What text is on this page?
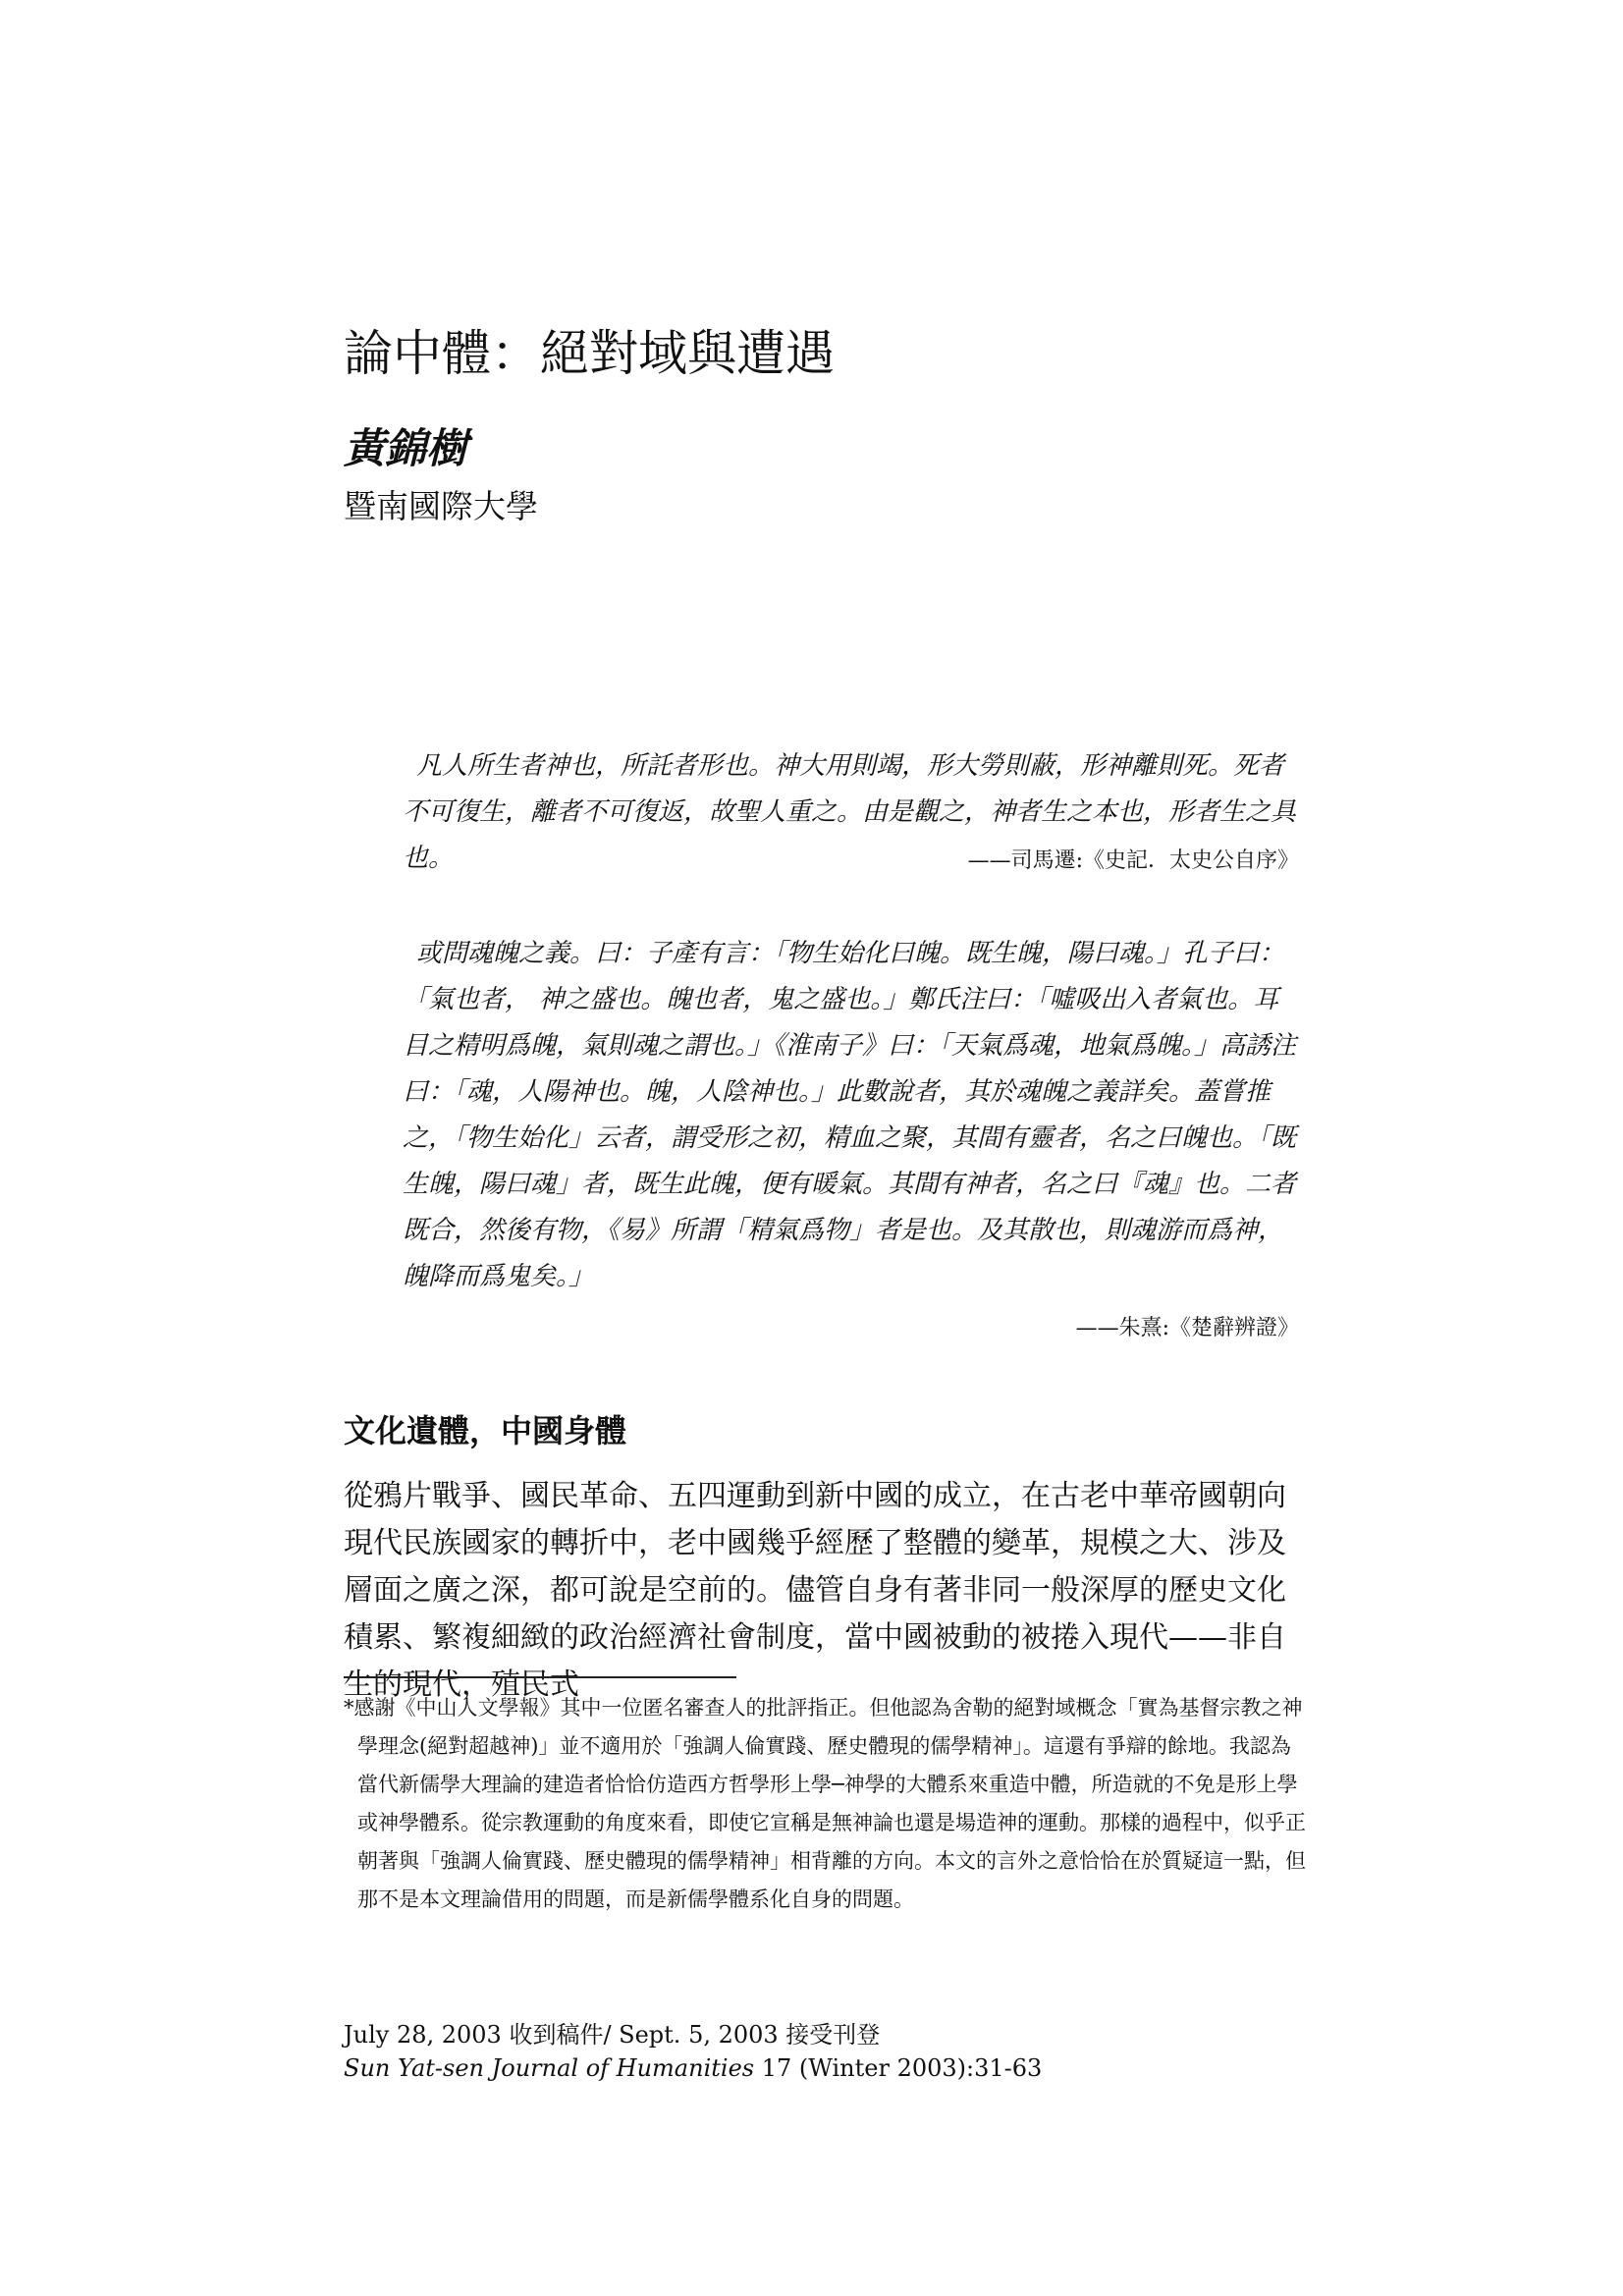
論中體：絕對域與遭遇
黃錦樹
暨南國際大學

凡人所生者神也，所託者形也。神大用則竭，形大勞則蔽，形神離則死。死者不可復生，離者不可復返，故聖人重之。由是觀之，神者生之本也，形者生之具也。	——司馬遷:《史記．太史公自序》

或問魂魄之義。曰：子產有言：「物生始化曰魄。既生魄，陽曰魂。」孔子曰：「氣也者， 神之盛也。魄也者，鬼之盛也。」鄭氏注曰：「噓吸出入者氣也。耳目之精明爲魄，氣則魂之謂也。」《淮南子》曰：「天氣爲魂，地氣爲魄。」高誘注曰：「魂，人陽神也。魄，人陰神也。」此數說者，其於魂魄之義詳矣。蓋嘗推之，「物生始化」云者，謂受形之初，精血之聚，其間有靈者，名之曰魄也。「既生魄，陽曰魂」者，既生此魄，便有暖氣。其間有神者，名之曰『魂』也。二者既合，然後有物，《易》所謂「精氣爲物」者是也。及其散也，則魂游而爲神，魄降而爲鬼矣。」

——朱熹:《楚辭辨證》
文化遺體，中國身體

從鴉片戰爭、國民革命、五四運動到新中國的成立，在古老中華帝國朝向現代民族國家的轉折中，老中國幾乎經歷了整體的變革，規模之大、涉及層面之廣之深，都可說是空前的。儘管自身有著非同一般深厚的歷史文化積累、繁複細緻的政治經濟社會制度，當中國被動的被捲入現代——非自生的現代，殖民式

*感謝《中山人文學報》其中一位匿名審查人的批評指正。但他認為舍勒的絕對域概念「實為基督宗教之神學理念(絕對超越神)」並不適用於「強調人倫實踐、歷史體現的儒學精神」。這還有爭辯的餘地。我認為當代新儒學大理論的建造者恰恰仿造西方哲學形上學─神學的大體系來重造中體，所造就的不免是形上學或神學體系。從宗教運動的角度來看，即使它宣稱是無神論也還是場造神的運動。那樣的過程中，似乎正朝著與「強調人倫實踐、歷史體現的儒學精神」相背離的方向。本文的言外之意恰恰在於質疑這一點，但那不是本文理論借用的問題，而是新儒學體系化自身的問題。

July 28, 2003 收到稿件/ Sept. 5, 2003 接受刊登
Sun Yat-sen Journal of Humanities 17 (Winter 2003):31-63
